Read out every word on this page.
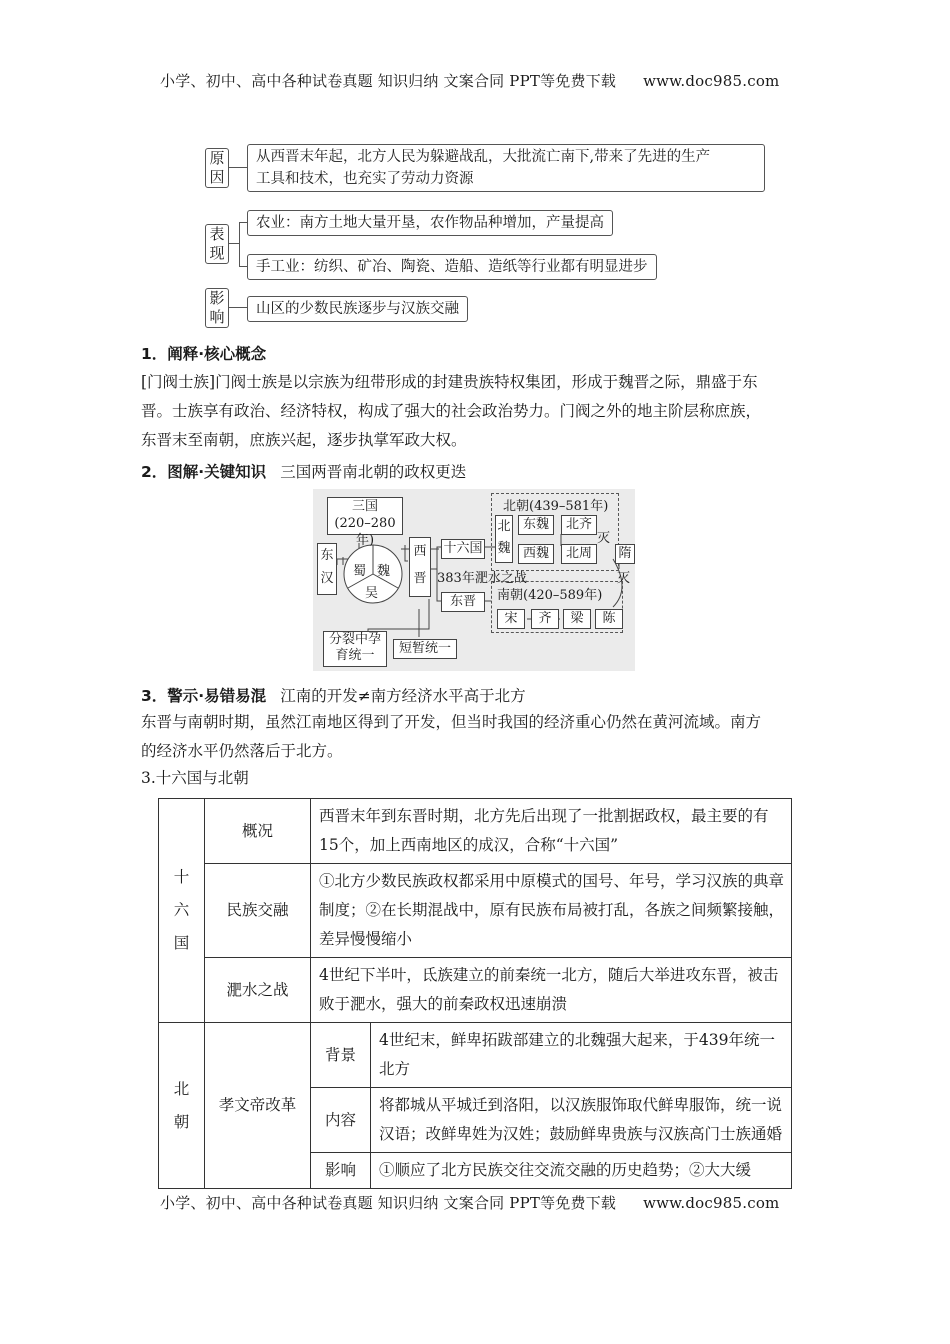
小学、初中、高中各种试卷真题 知识归纳 文案合同 PPT等免费下载 www.doc985.com
原因
从西晋末年起，北方人民为躲避战乱，大批流亡南下,带来了先进的生产
工具和技术，也充实了劳动力资源
表现
农业：南方土地大量开垦，农作物品种增加，产量提高
手工业：纺织、矿冶、陶瓷、造船、造纸等行业都有明显进步
影响	山区的少数民族逐步与汉族交融
1．阐释·核心概念
[门阀士族]门阀士族是以宗族为纽带形成的封建贵族特权集团，形成于魏晋之际，鼎盛于东
晋。士族享有政治、经济特权，构成了强大的社会政治势力。门阀之外的地主阶层称庶族，
东晋末至南朝，庶族兴起，逐步执掌军政大权。
2．图解·关键知识 三国两晋南北朝的政权更迭
三国
(220–280年)
东
汉 蜀 魏
吴
西
晋
十六国
383年淝水之战
东晋
北朝(439–581年)
北
魏
东魏	北齐
西魏	北周
灭
隋
灭
南朝(420–589年)
宋	齐	梁	陈
分裂中孕
育统一	短暂统一
3．警示·易错易混 江南的开发≠南方经济水平高于北方
东晋与南朝时期，虽然江南地区得到了开发，但当时我国的经济重心仍然在黄河流域。南方
的经济水平仍然落后于北方。
3.十六国与北朝
十
六
国	概况	西晋末年到东晋时期，北方先后出现了一批割据政权，最主要的有15个，加上西南地区的成汉，合称“十六国”	
	民族交融	①北方少数民族政权都采用中原模式的国号、年号，学习汉族的典章制度；②在长期混战中，原有民族布局被打乱，各族之间频繁接触，差异慢慢缩小	
	淝水之战	4世纪下半叶，氐族建立的前秦统一北方，随后大举进攻东晋，被击败于淝水，强大的前秦政权迅速崩溃	
北
朝	孝文帝改革	背景	4世纪末，鲜卑拓跋部建立的北魏强大起来，于439年统一北方
		内容	将都城从平城迁到洛阳，以汉族服饰取代鲜卑服饰，统一说汉语；改鲜卑姓为汉姓；鼓励鲜卑贵族与汉族高门士族通婚
		影响	①顺应了北方民族交往交流交融的历史趋势；②大大缓
小学、初中、高中各种试卷真题 知识归纳 文案合同 PPT等免费下载 www.doc985.com
